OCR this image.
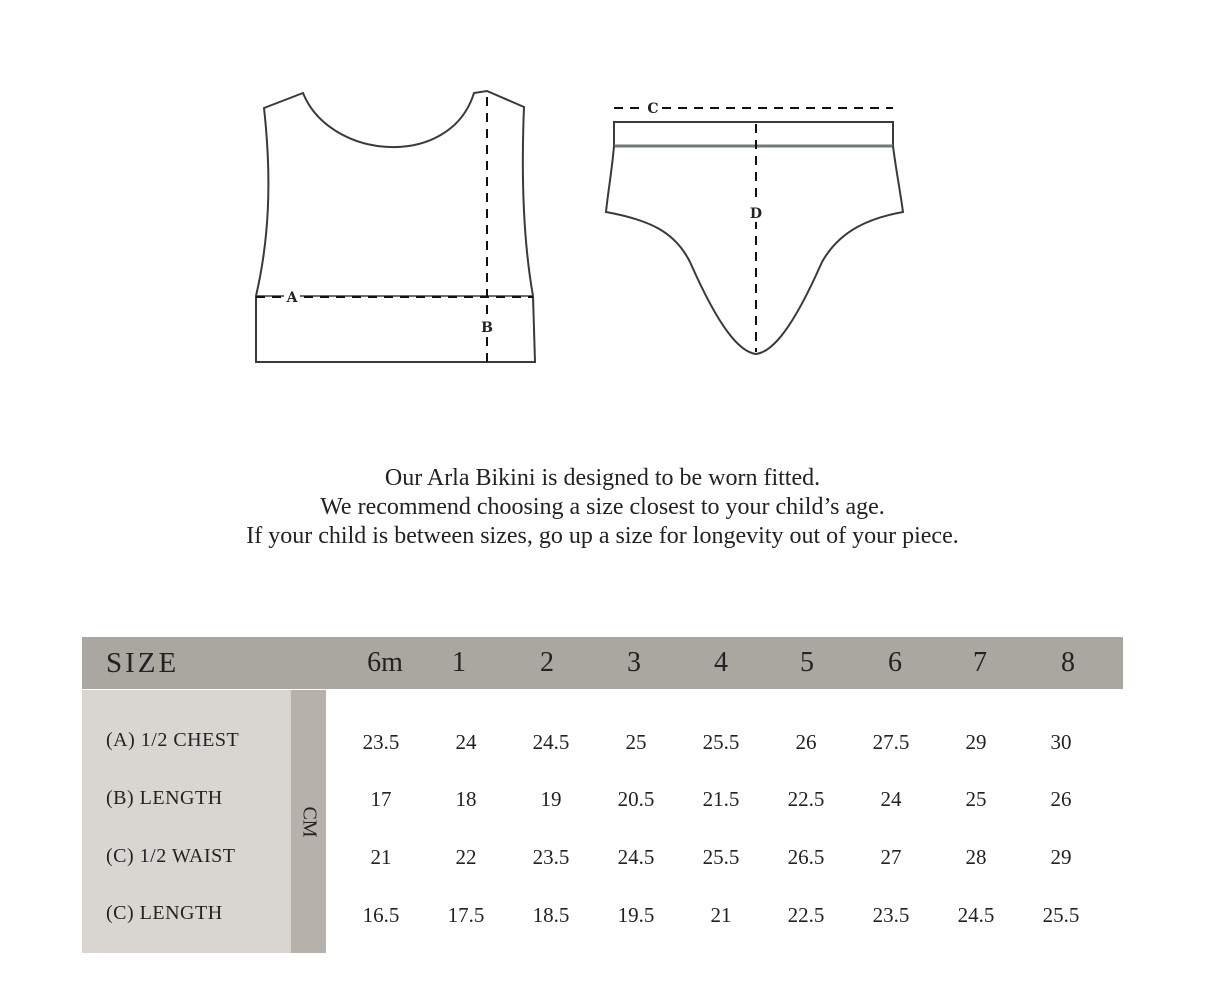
A
B
C
D
Our Arla Bikini is designed to be worn fitted.
We recommend choosing a size closest to your child’s age.
If your child is between sizes, go up a size for longevity out of your piece.
SIZE	6m	1	2	3	4	5	6	7	8
CM
(A) 1/2 CHEST	23.5	24	24.5	25	25.5	26	27.5	29	30
(B) LENGTH	17	18	19	20.5	21.5	22.5	24	25	26
(C) 1/2 WAIST	21	22	23.5	24.5	25.5	26.5	27	28	29
(C) LENGTH	16.5	17.5	18.5	19.5	21	22.5	23.5	24.5	25.5
